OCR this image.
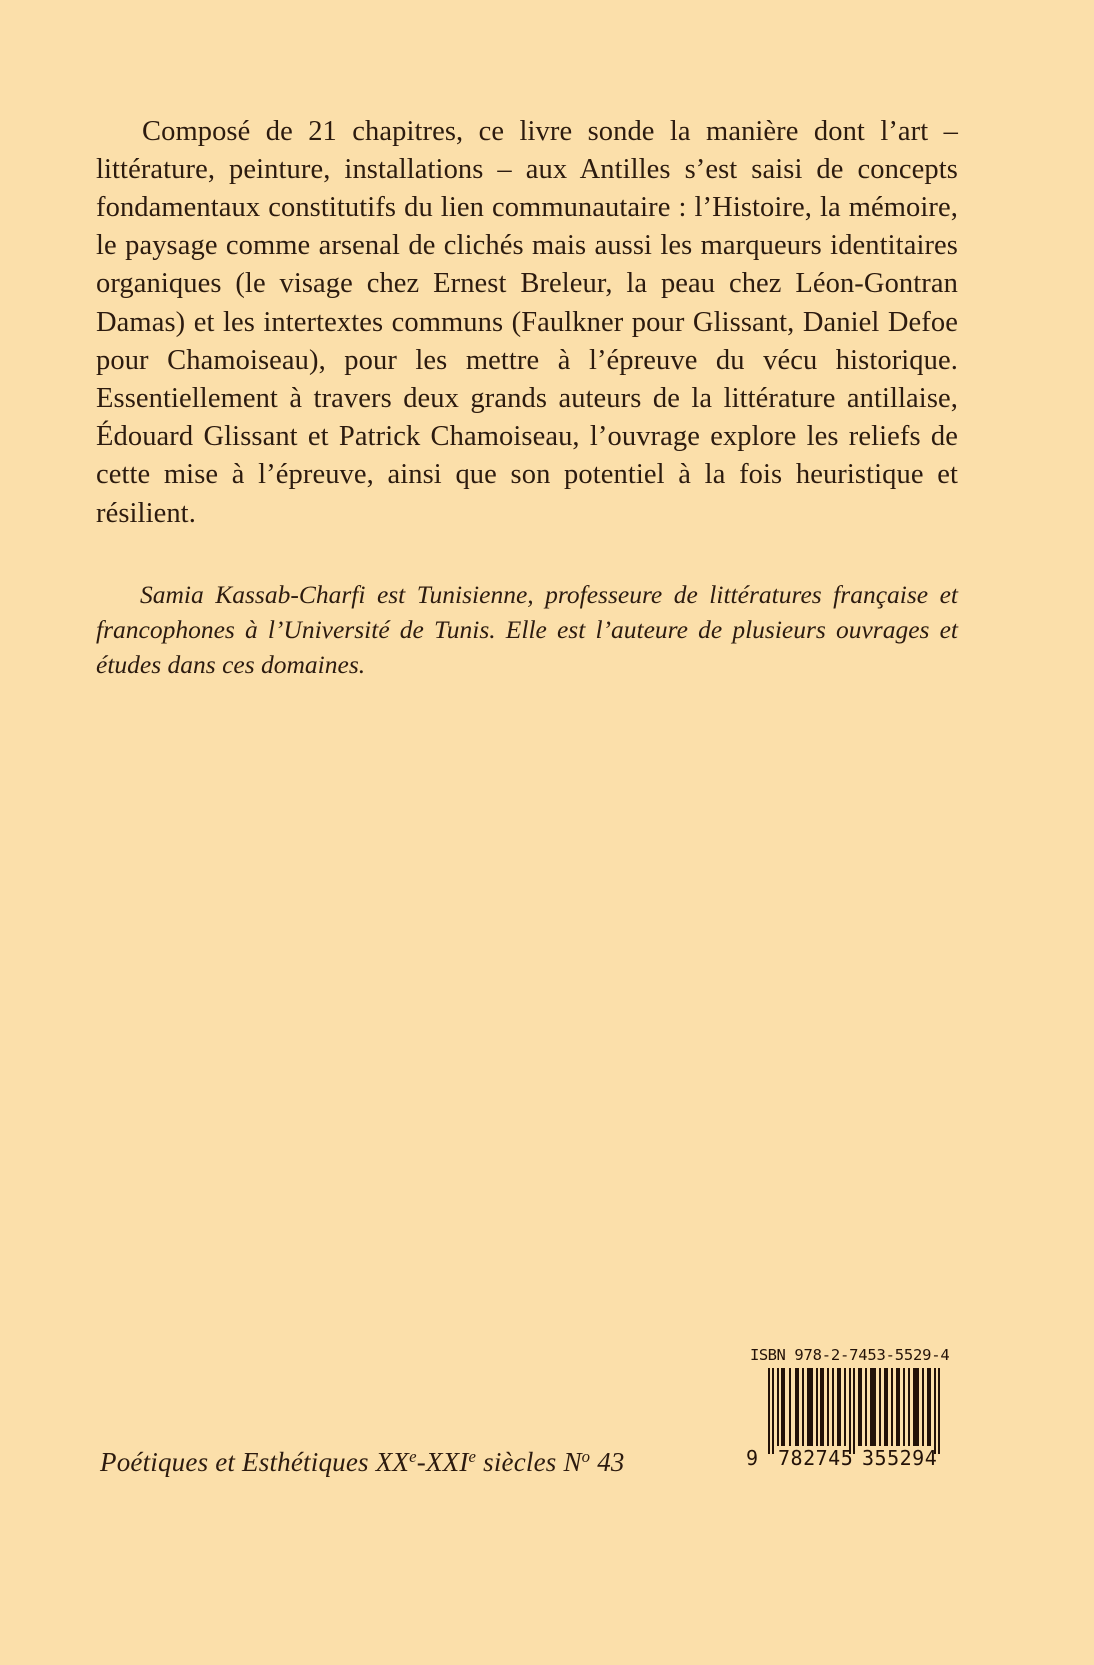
Composé de 21 chapitres, ce livre sonde la manière dont l’art – littérature, peinture, installations – aux Antilles s’est saisi de concepts fondamentaux constitutifs du lien communautaire : l’Histoire, la mémoire, le paysage comme arsenal de clichés mais aussi les marqueurs identitaires organiques (le visage chez Ernest Breleur, la peau chez Léon-Gontran Damas) et les intertextes communs (Faulkner pour Glissant, Daniel Defoe pour Chamoiseau), pour les mettre à l’épreuve du vécu historique. Essentiellement à travers deux grands auteurs de la littérature antillaise, Édouard Glissant et Patrick Chamoiseau, l’ouvrage explore les reliefs de cette mise à l’épreuve, ainsi que son potentiel à la fois heuristique et résilient.

Samia Kassab-Charfi est Tunisienne, professeure de littératures française et francophones à l’Université de Tunis. Elle est l’auteure de plusieurs ouvrages et études dans ces domaines.

Poétiques et Esthétiques XXe-XXIe siècles $N^o$ 43
ISBN 978-2-7453-5529-4
9 782745 355294
